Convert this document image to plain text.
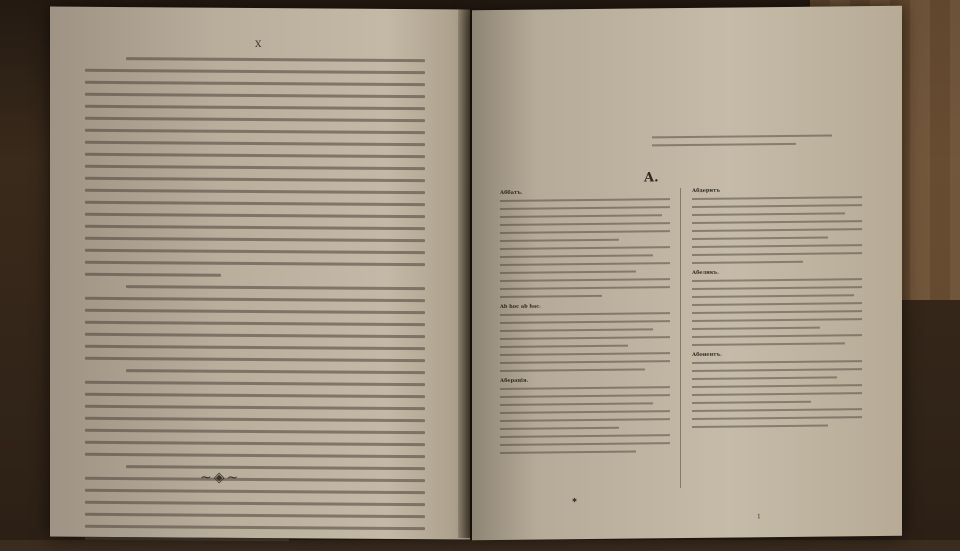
X
~◈~
A.
Аббатъ.
Ab hoc ab hac.
Аберацiя.
Абдеритъ
Абеликъ.
Абонентъ.
✱
1
